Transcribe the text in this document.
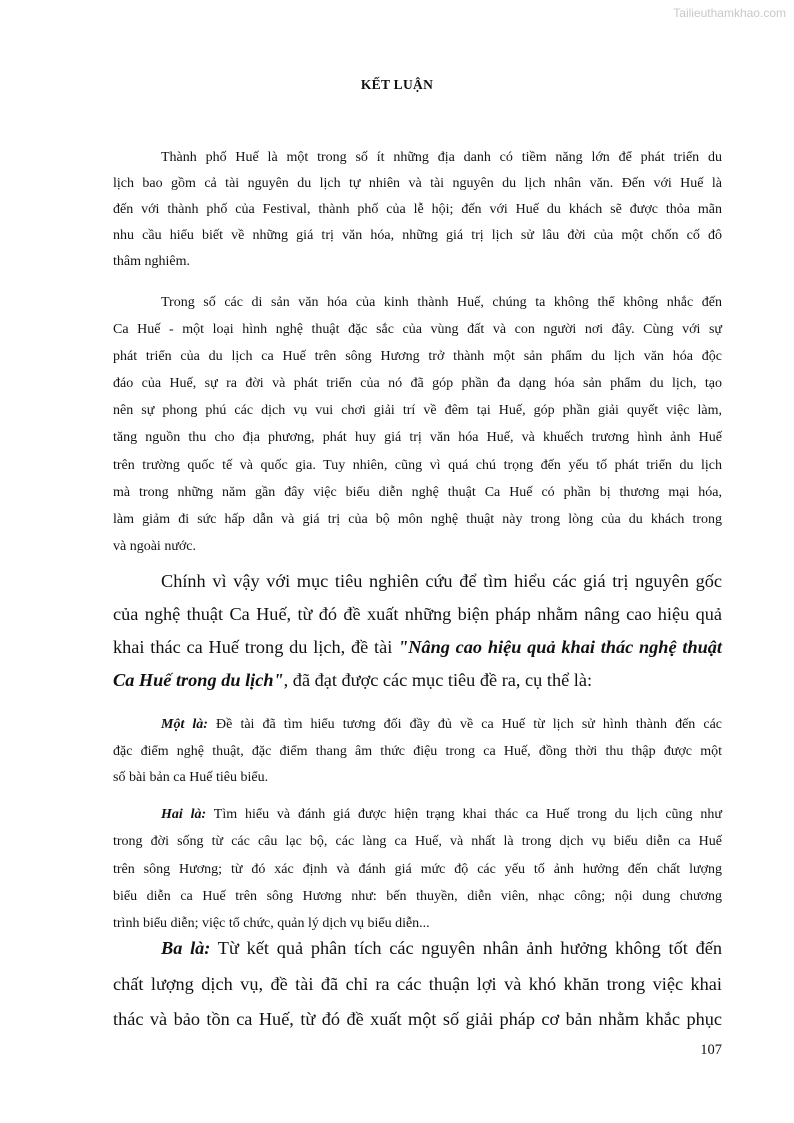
Tailieuthamkhao.com
KẾT LUẬN
Thành phố Huế là một trong số ít những địa danh có tiềm năng lớn để phát triển du
lịch bao gồm cả tài nguyên du lịch tự nhiên và tài nguyên du lịch nhân văn. Đến với Huế là
đến với thành phố của Festival, thành phố của lễ hội; đến với Huế du khách sẽ được thỏa mãn
nhu cầu hiểu biết về những giá trị văn hóa, những giá trị lịch sử lâu đời của một chốn cố đô
thâm nghiêm.
Trong số các di sản văn hóa của kinh thành Huế, chúng ta không thể không nhắc đến
Ca Huế - một loại hình nghệ thuật đặc sắc của vùng đất và con người nơi đây. Cùng với sự
phát triển của du lịch ca Huế trên sông Hương trở thành một sản phẩm du lịch văn hóa độc
đáo của Huế, sự ra đời và phát triển của nó đã góp phần đa dạng hóa sản phẩm du lịch, tạo
nên sự phong phú các dịch vụ vui chơi giải trí về đêm tại Huế, góp phần giải quyết việc làm,
tăng nguồn thu cho địa phương, phát huy giá trị văn hóa Huế, và khuếch trương hình ảnh Huế
trên trường quốc tế và quốc gia. Tuy nhiên, cũng vì quá chú trọng đến yếu tố phát triển du lịch
mà trong những năm gần đây việc biểu diễn nghệ thuật Ca Huế có phần bị thương mại hóa,
làm giảm đi sức hấp dẫn và giá trị của bộ môn nghệ thuật này trong lòng của du khách trong
và ngoài nước.
Chính vì vậy với mục tiêu nghiên cứu để tìm hiểu các giá trị nguyên gốc
của nghệ thuật Ca Huế, từ đó đề xuất những biện pháp nhằm nâng cao hiệu quả
khai thác ca Huế trong du lịch, đề tài "Nâng cao hiệu quả khai thác nghệ thuật
Ca Huế trong du lịch", đã đạt được các mục tiêu đề ra, cụ thể là:
Một là: Đề tài đã tìm hiểu tương đối đầy đủ về ca Huế từ lịch sử hình thành đến các
đặc điểm nghệ thuật, đặc điểm thang âm thức điệu trong ca Huế, đồng thời thu thập được một
số bài bản ca Huế tiêu biểu.
Hai là: Tìm hiểu và đánh giá được hiện trạng khai thác ca Huế trong du lịch cũng như
trong đời sống từ các câu lạc bộ, các làng ca Huế, và nhất là trong dịch vụ biểu diễn ca Huế
trên sông Hương; từ đó xác định và đánh giá mức độ các yếu tố ảnh hưởng đến chất lượng
biểu diễn ca Huế trên sông Hương như: bến thuyền, diễn viên, nhạc công; nội dung chương
trình biểu diễn; việc tổ chức, quản lý dịch vụ biểu diễn...
Ba là: Từ kết quả phân tích các nguyên nhân ảnh hưởng không tốt đến
chất lượng dịch vụ, đề tài đã chỉ ra các thuận lợi và khó khăn trong việc khai
thác và bảo tồn ca Huế, từ đó đề xuất một số giải pháp cơ bản nhằm khắc phục
107
